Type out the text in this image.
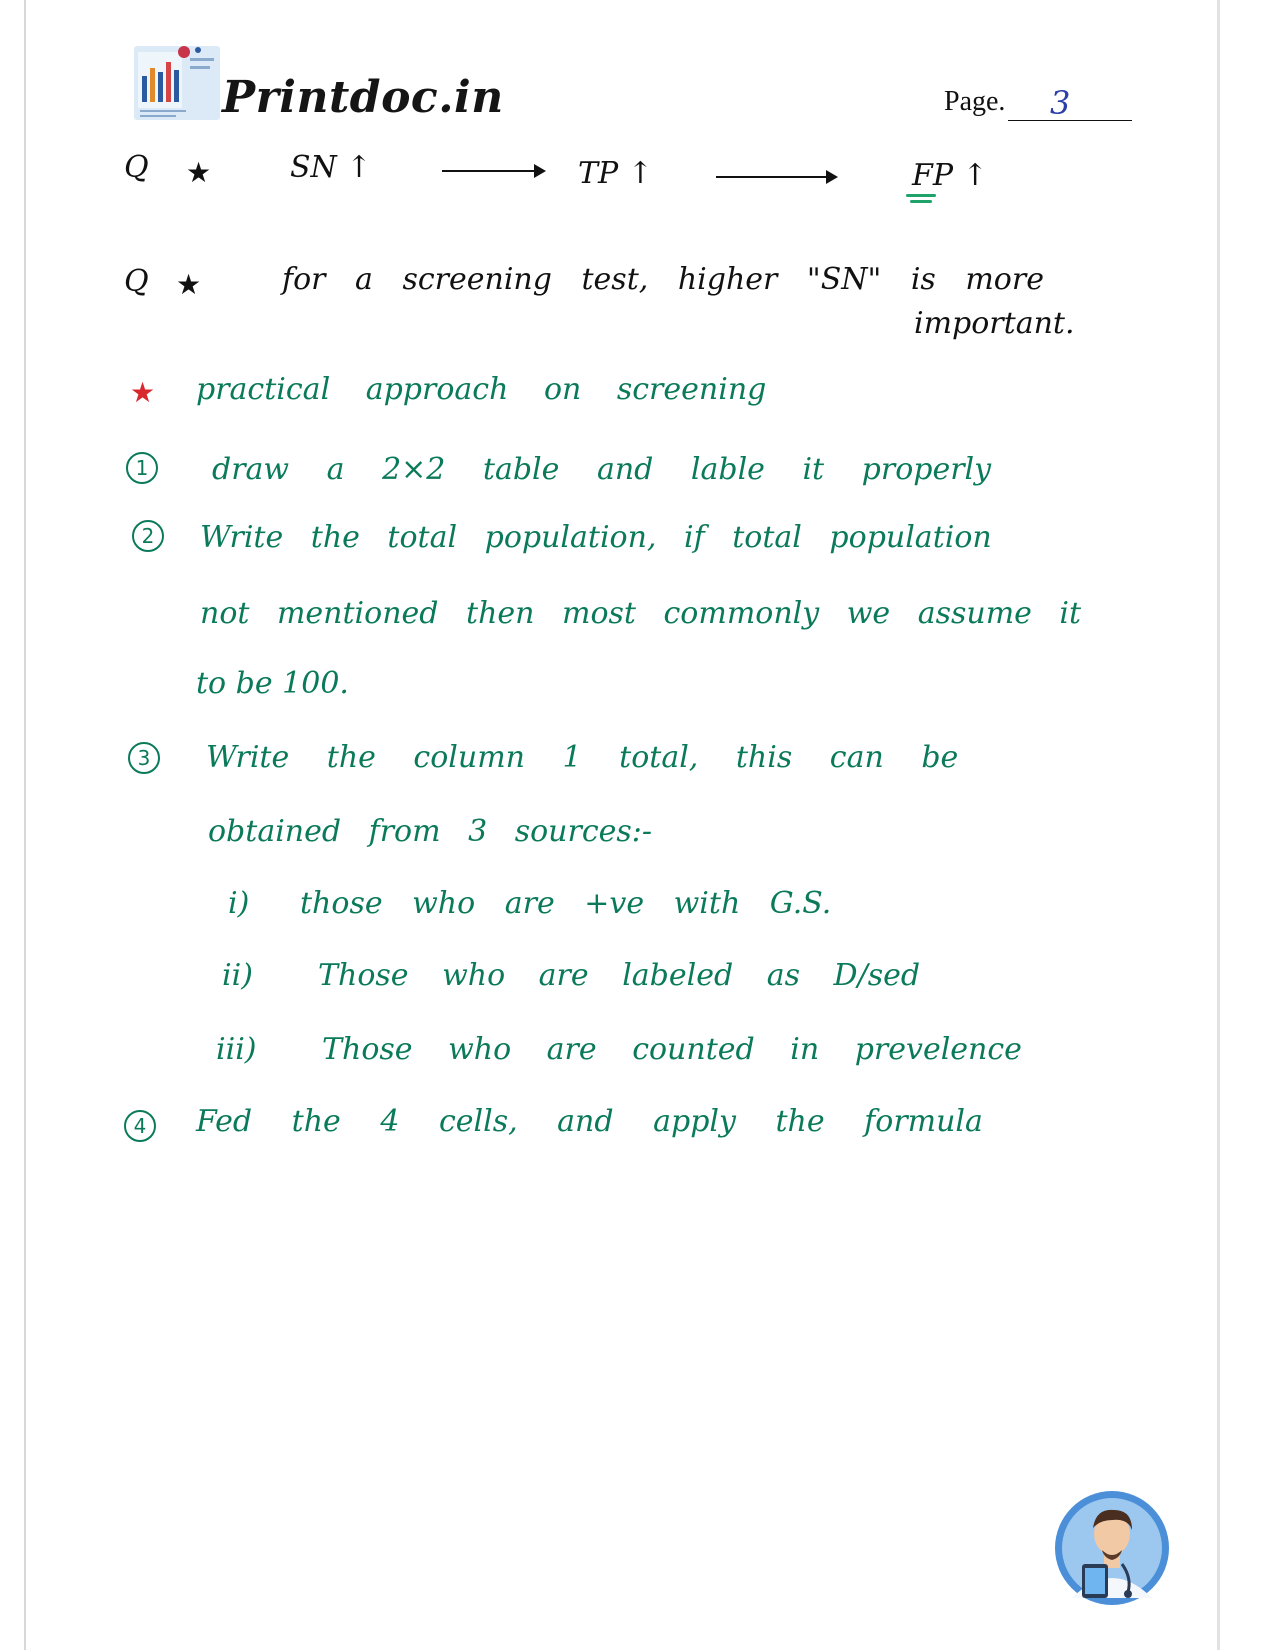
Printdoc.in	Page. 3
Q ★	SN ↑	TP ↑	FP ↑
Q ★	for a screening test, higher "SN" is more
important.
★ practical approach on screening
1	draw a 2×2 table and lable it properly
2	Write the total population, if total population
not mentioned then most commonly we assume it
to be 100.
3	Write the column 1 total, this can be
obtained from 3 sources:-
i) those who are +ve with G.S.
ii) Those who are labeled as D/sed
iii) Those who are counted in prevelence
4	Fed the 4 cells, and apply the formula
